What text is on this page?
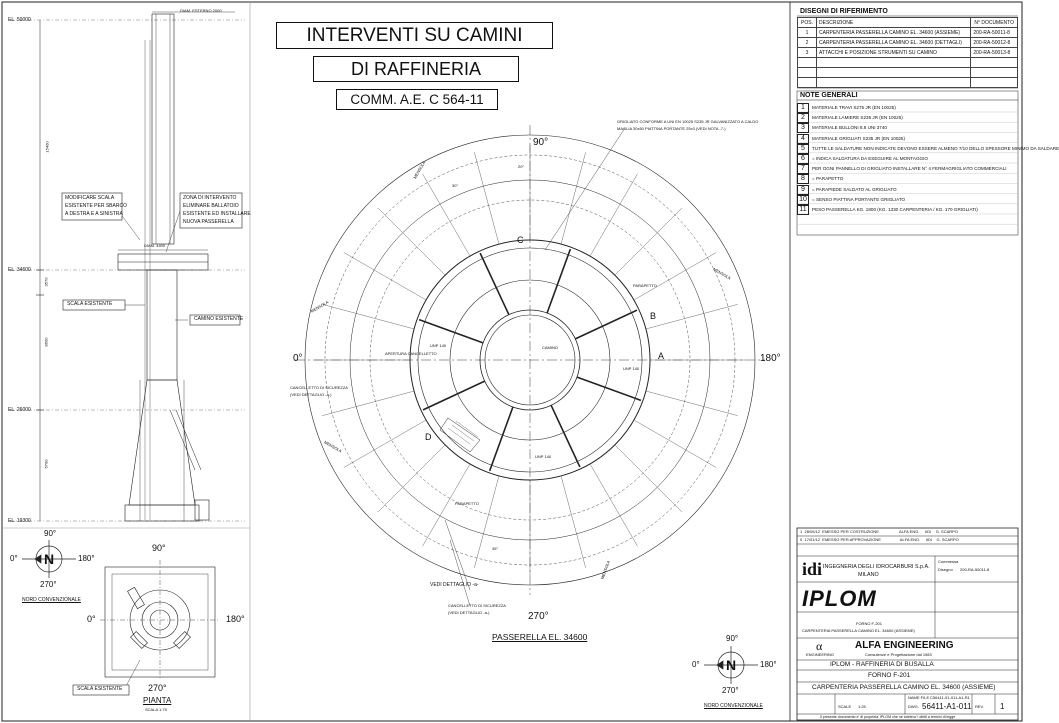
INTERVENTI SU CAMINI
DI RAFFINERIA
COMM. A.E. C 564-11
DIAM. ESTERNO 2000
EL. 50000
EL. 34600
EL. 26000
EL. 19300
15400
3570
8600
6700
DIAM. 4400
MODIFICARE SCALA
ESISTENTE PER SBARCO
A DESTRA E A SINISTRA
ZONA DI INTERVENTO
ELIMINARE BALLATOIO
ESISTENTE ED INSTALLARE
NUOVA PASSERELLA
SCALA ESISTENTE
CAMINO ESISTENTE
90°
0°	180°
270°
N
NORD CONVENZIONALE
90°
0°	180°
270°
SCALA ESISTENTE
PIANTA
SCALA 1:75
90°
0°	180°
270°
GRIGLIATO CONFORME A UNI EN 10025 S235 JR GALVANIZZATO A CALDO
MAGLIA 30x50 PIATTINA PORTANTE 25x3 (VEDI NOTA -7-)
VEDI DETTAGLIO -a-
CANCELLETTO DI SICUREZZA
(VEDI DETTAGLIO -a-)
CANCELLETTO DI SICUREZZA
(VEDI DETTAGLIO -a-)
APERTURA CANCELLETTO
PARAPETTO
PARAPETTO
CAMINO
UNP 140
UNP 140
UNP 140
A
B
C
D
MENSOLA
MENSOLA
MENSOLA
MENSOLA
MENSOLA
20°
30°
45°
PASSERELLA EL. 34600	90°
0°	180°
270°
N
NORD CONVENZIONALE
DISEGNI DI RIFERIMENTO
POS.	DESCRIZIONE	N° DOCUMENTO
1	CARPENTERIA PASSERELLA CAMINO EL. 34600 (ASSIEME)	200-RA-50011-8
2	CARPENTERIA PASSERELLA CAMINO EL. 34600 (DETTAGLI)	200-RA-50012-8
3	ATTACCHI E POSIZIONE STRUMENTI SU CAMINO	200-RA-50013-8

NOTE GENERALI
1 MATERIALE TRAVI S275 JR (EN 10025)
2 MATERIALE LAMIERE S235 JR (EN 10025)
3 MATERIALE BULLONI 8.8 UNI 3740
4 MATERIALE GRIGLIATI S235 JR (EN 10025)
5 TUTTE LE SALDATURE NON INDICATE DEVONO ESSERE ALMENO 7/10 DELLO SPESSORE MINIMO DA SALDARE
6 = INDICA SALDATURA DA ESEGUIRE AL MONTAGGIO
7 PER OGNI PANNELLO DI GRIGLIATO INSTALLARE N° 4 FERMAGRIGLIATO COMMERCIALI
8 = PARAPETTO
9 = PARAPIEDE SALDATO AL GRIGLIATO
10 = SENSO PIATTINA PORTANTE GRIGLIATO
11 PESO PASSERELLA KG. 1800 (KG. 1330 CARPENTERIA / KG. 170 GRIGLIATI)
1 28/05/12 EMESSO PER COSTRUZIONE	ALFA ENG. IIDI G. SCARPO
0 17/01/12 EMESSO PER APPROVAZIONE	ALFA ENG. IIDI G. SCARPO
idi INGEGNERIA DEGLI IDROCARBURI S.p.A.
MILANO
Commessa
Disegno 200-RA-50011-8
IPLOM
FORNO F-201
CARPENTERIA PASSERELLA CAMINO EL. 34600 (ASSIEME)
α
ENGINEERING
ALFA ENGINEERING
Consulenze e Progettazione dal 1983
IPLOM - RAFFINERIA DI BUSALLA
FORNO F-201
CARPENTERIA PASSERELLA CAMINO EL. 34600 (ASSIEME)
NAME FILE C56411-01-011-A1-R1
DWG. 56411-A1-011 REV. 1
SCALE 1:25
Il presente documento e' di proprieta' IPLOM che ne tutelera' i diritti a termini di legge
